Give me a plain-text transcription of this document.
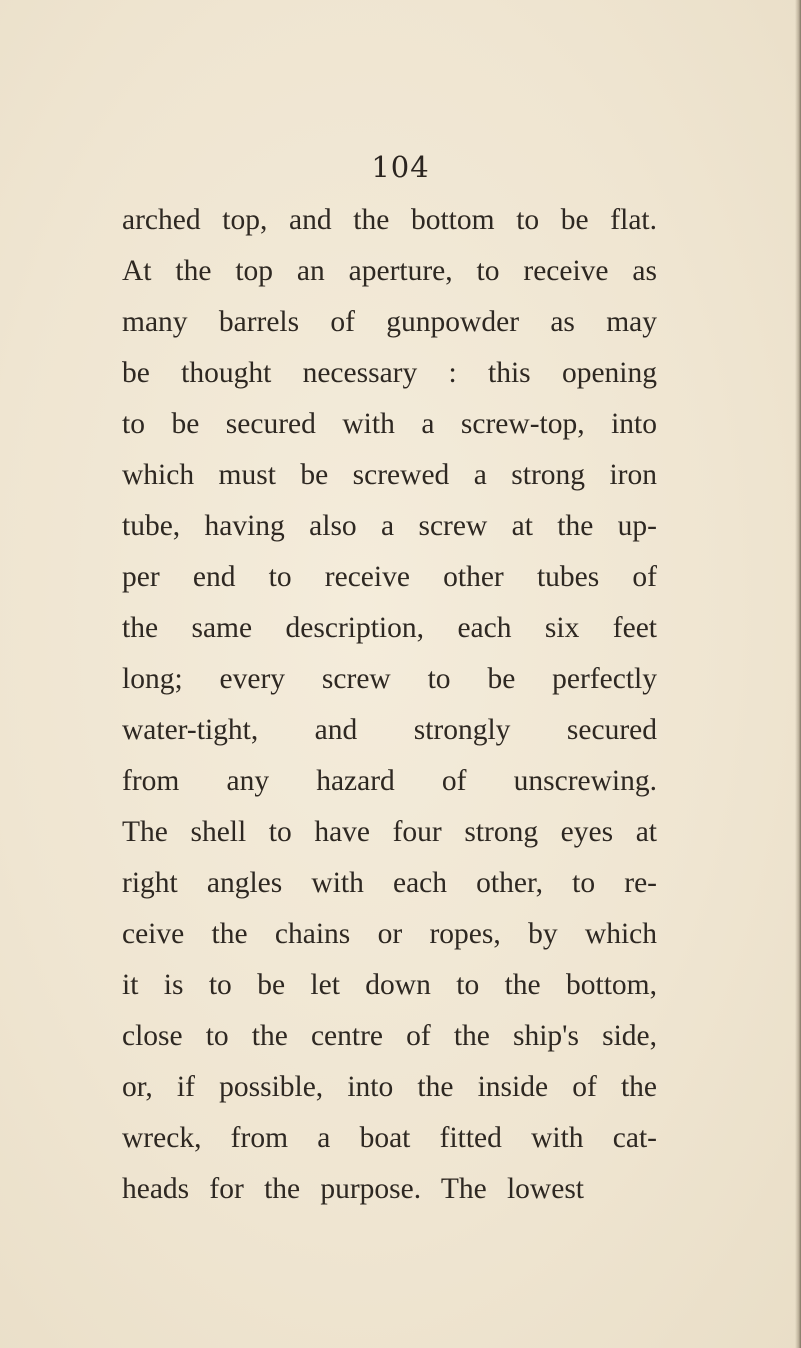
104
arched top, and the bottom to be flat.
At the top an aperture, to receive as
many barrels of gunpowder as may
be thought necessary : this opening
to be secured with a screw-top, into
which must be screwed a strong iron
tube, having also a screw at the up-
per end to receive other tubes of
the same description, each six feet
long; every screw to be perfectly
water-tight, and strongly secured
from any hazard of unscrewing.
The shell to have four strong eyes at
right angles with each other, to re-
ceive the chains or ropes, by which
it is to be let down to the bottom,
close to the centre of the ship's side,
or, if possible, into the inside of the
wreck, from a boat fitted with cat-
heads for the purpose. The lowest
